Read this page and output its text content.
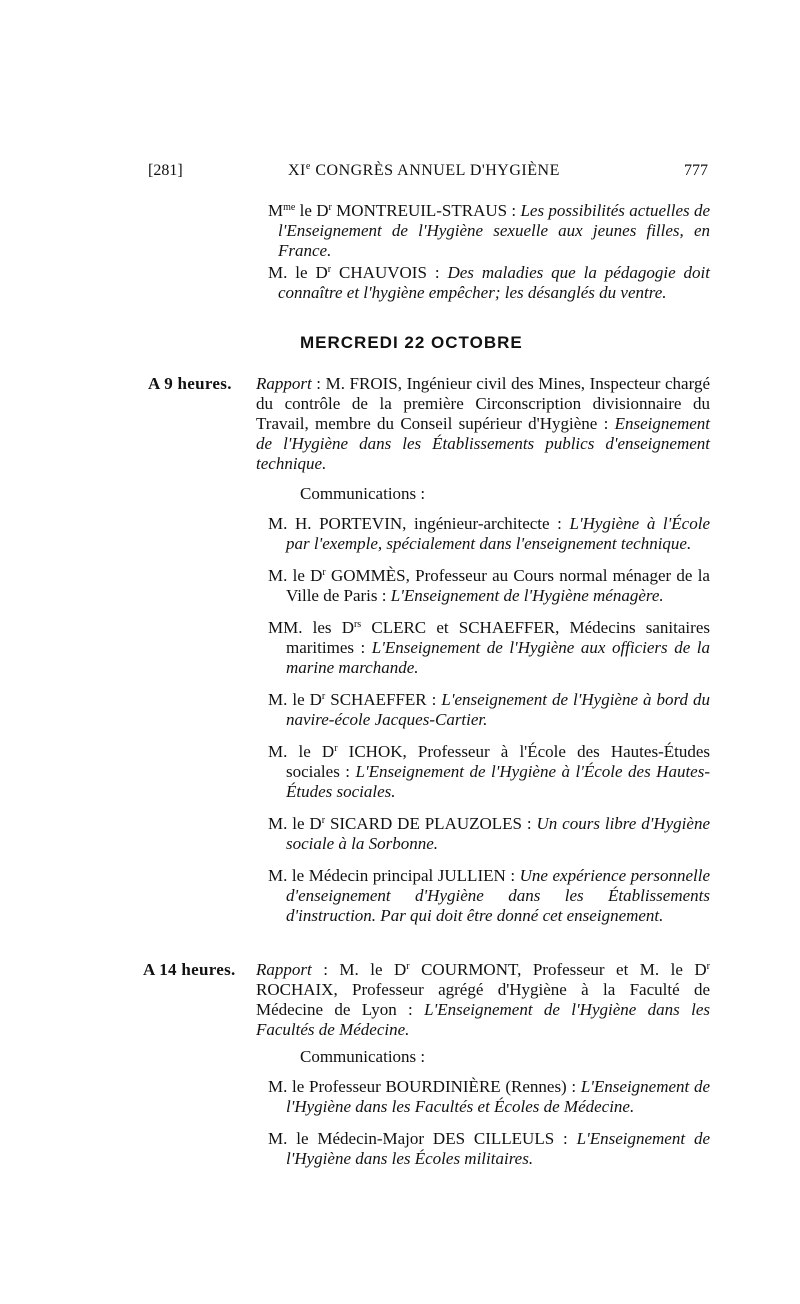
[281]	XIe CONGRÈS ANNUEL D'HYGIÈNE	777

$M^{me}$ le $D^r$ MONTREUIL-STRAUS : Les possibilités actuelles de l'Enseignement de l'Hygiène sexuelle aux jeunes filles, en France.

M. le $D^r$ CHAUVOIS : Des maladies que la pédagogie doit connaître et l'hygiène empêcher; les désanglés du ventre.

MERCREDI 22 OCTOBRE
A 9 heures. Rapport : M. FROIS, Ingénieur civil des Mines, Inspecteur chargé du contrôle de la première Circonscription divisionnaire du Travail, membre du Conseil supérieur d'Hygiène : Enseignement de l'Hygiène dans les Établissements publics d'enseignement technique.

Communications :

M. H. PORTEVIN, ingénieur-architecte : L'Hygiène à l'École par l'exemple, spécialement dans l'enseignement technique.

M. le $D^r$ GOMMÈS, Professeur au Cours normal ménager de la Ville de Paris : L'Enseignement de l'Hygiène ménagère.

MM. les $D^{rs}$ CLERC et SCHAEFFER, Médecins sanitaires maritimes : L'Enseignement de l'Hygiène aux officiers de la marine marchande.

M. le $D^r$ SCHAEFFER : L'enseignement de l'Hygiène à bord du navire-école Jacques-Cartier.

M. le $D^r$ ICHOK, Professeur à l'École des Hautes-Études sociales : L'Enseignement de l'Hygiène à l'École des Hautes-Études sociales.

M. le $D^r$ SICARD DE PLAUZOLES : Un cours libre d'Hygiène sociale à la Sorbonne.

M. le Médecin principal JULLIEN : Une expérience personnelle d'enseignement d'Hygiène dans les Établissements d'instruction. Par qui doit être donné cet enseignement.

A 14 heures. Rapport : M. le $D^r$ COURMONT, Professeur et M. le $D^r$ ROCHAIX, Professeur agrégé d'Hygiène à la Faculté de Médecine de Lyon : L'Enseignement de l'Hygiène dans les Facultés de Médecine.

Communications :

M. le Professeur BOURDINIÈRE (Rennes) : L'Enseignement de l'Hygiène dans les Facultés et Écoles de Médecine.

M. le Médecin-Major DES CILLEULS : L'Enseignement de l'Hygiène dans les Écoles militaires.
